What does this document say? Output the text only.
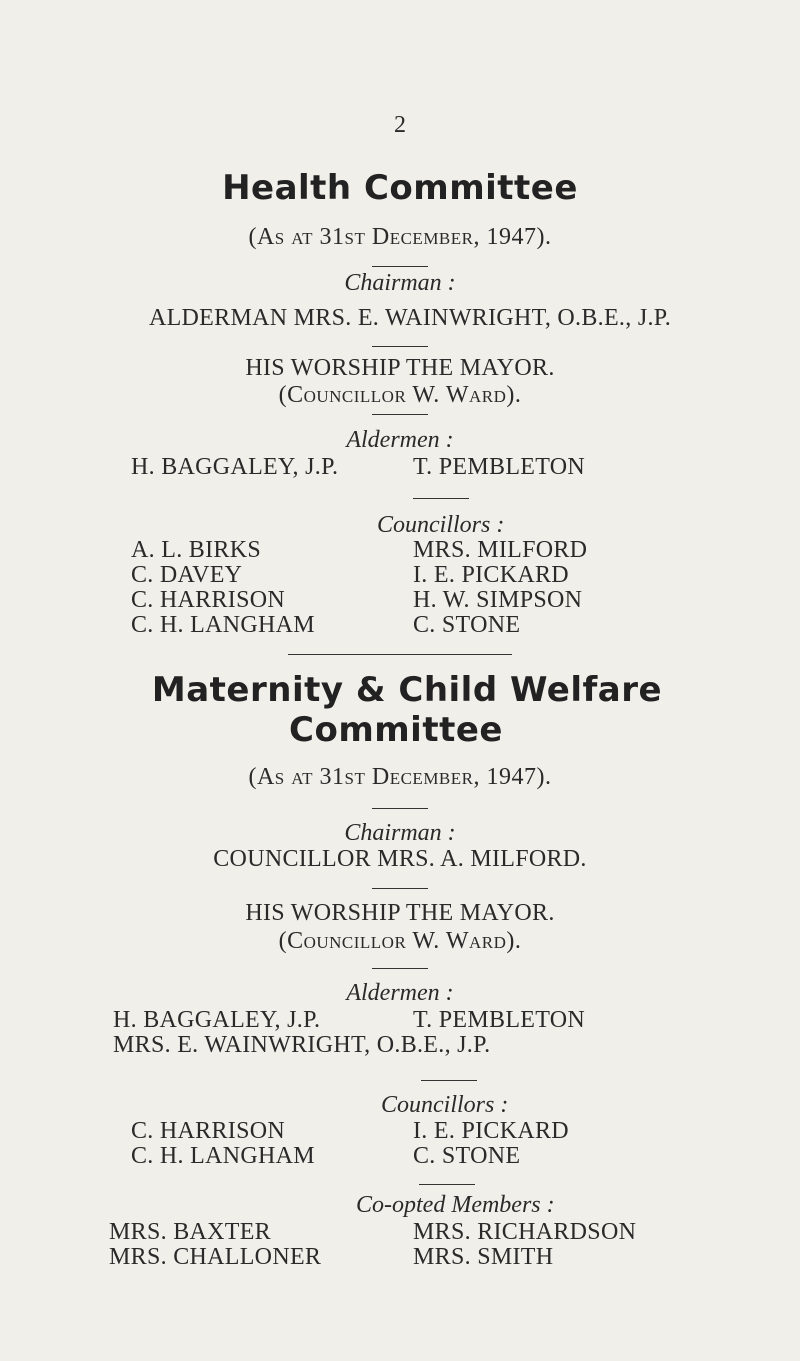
2
Health Committee
(As at 31st December, 1947).
Chairman :
ALDERMAN MRS. E. WAINWRIGHT, O.B.E., J.P.
HIS WORSHIP THE MAYOR.
(Councillor W. Ward).
Aldermen :
H. BAGGALEY, J.P.	T. PEMBLETON
Councillors :
A. L. BIRKS
C. DAVEY
C. HARRISON
C. H. LANGHAM
MRS. MILFORD
I. E. PICKARD
H. W. SIMPSON
C. STONE
Maternity & Child Welfare
Committee
(As at 31st December, 1947).
Chairman :
COUNCILLOR MRS. A. MILFORD.
HIS WORSHIP THE MAYOR.
(Councillor W. Ward).
Aldermen :
H. BAGGALEY, J.P.	T. PEMBLETON
MRS. E. WAINWRIGHT, O.B.E., J.P.
Councillors :
C. HARRISON
C. H. LANGHAM
I. E. PICKARD
C. STONE
Co-opted Members :
MRS. BAXTER
MRS. CHALLONER
MRS. RICHARDSON
MRS. SMITH
